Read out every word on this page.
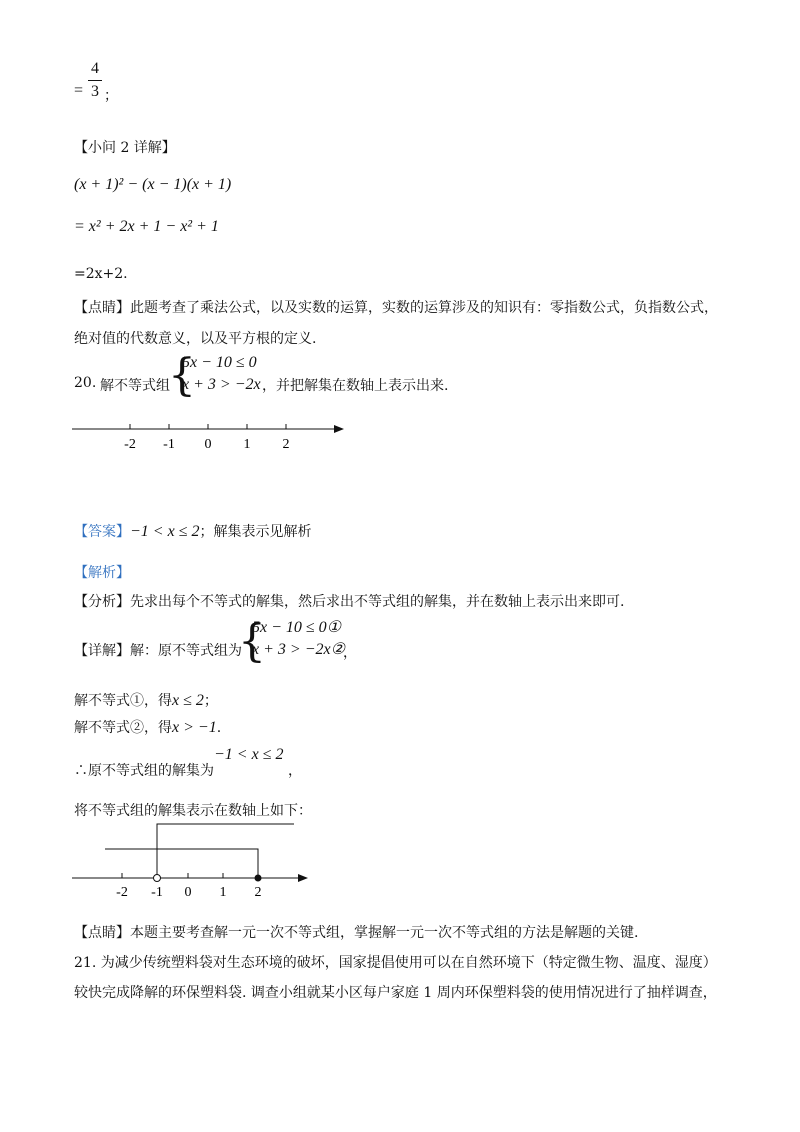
=
4
3 ；
【小问 2 详解】
(x + 1)² − (x − 1)(x + 1)
= x² + 2x + 1 − x² + 1
=2x+2.
【点睛】此题考查了乘法公式，以及实数的运算，实数的运算涉及的知识有：零指数公式，负指数公式，
绝对值的代数意义，以及平方根的定义.
20. 解不等式组
{
5x − 10 ≤ 0
x + 3 > −2x ，并把解集在数轴上表示出来.
-2 -1 0 1 2
【答案】−1 < x ≤ 2；解集表示见解析
【解析】
【分析】先求出每个不等式的解集，然后求出不等式组的解集，并在数轴上表示出来即可.
【详解】 解：原不等式组为
{
5x − 10 ≤ 0①
x + 3 > −2x②
，
解不等式①，得x ≤ 2；
解不等式②，得x > −1.
∴原不等式组的解集为
−1 < x ≤ 2
，
将不等式组的解集表示在数轴上如下：
-2 -1 0 1 2
【点睛】本题主要考查解一元一次不等式组，掌握解一元一次不等式组的方法是解题的关键.
21. 为减少传统塑料袋对生态环境的破坏，国家提倡使用可以在自然环境下（特定微生物、温度、湿度）
较快完成降解的环保塑料袋. 调查小组就某小区每户家庭 1 周内环保塑料袋的使用情况进行了抽样调查，
